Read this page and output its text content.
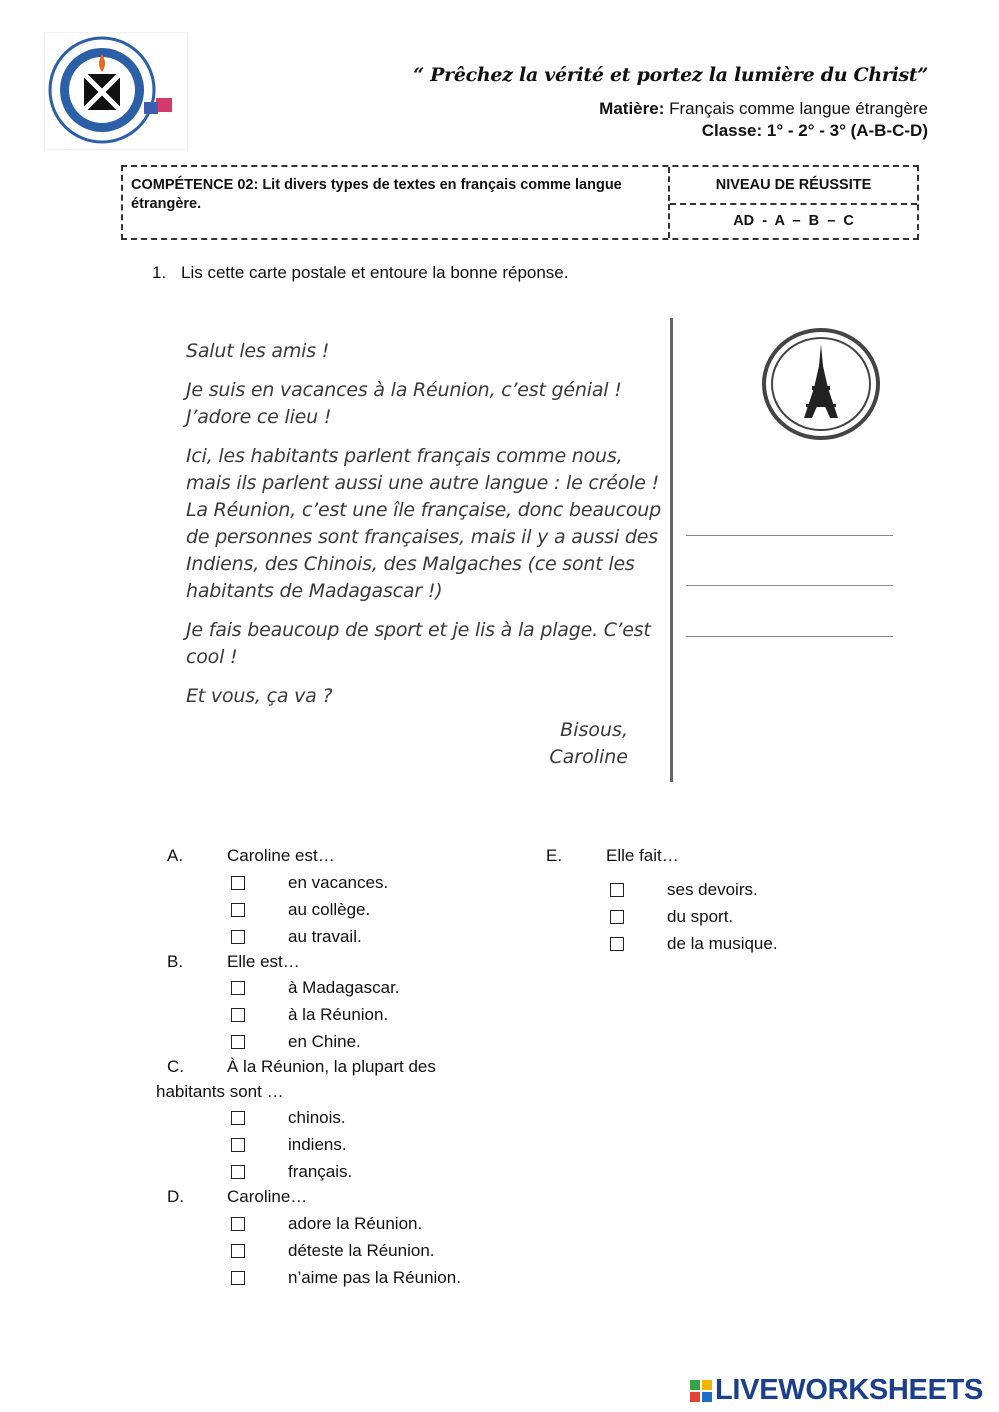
“ Prêchez la vérité et portez la lumière du Christ”
Matière: Français comme langue étrangère
Classe: 1° - 2° - 3° (A-B-C-D)
COMPÉTENCE 02: Lit divers types de textes en français comme langue étrangère.
NIVEAU DE RÉUSSITE
AD  -  A  –  B  –  C
1. Lis cette carte postale et entoure la bonne réponse.
Salut les amis !
Je suis en vacances à la Réunion, c’est génial !
J’adore ce lieu !
Ici, les habitants parlent français comme nous,
mais ils parlent aussi une autre langue : le créole !
La Réunion, c’est une île française, donc beaucoup
de personnes sont françaises, mais il y a aussi des
Indiens, des Chinois, des Malgaches (ce sont les
habitants de Madagascar !)
Je fais beaucoup de sport et je lis à la plage. C’est
cool !
Et vous, ça va ?
Bisous,
Caroline
A.	Caroline est…
en vacances.
au collège.
au travail.
B.	Elle est…
à Madagascar.
à la Réunion.
en Chine.
C.	À la Réunion, la plupart des
habitants sont …
chinois.
indiens.
français.
D.	Caroline…
adore la Réunion.
déteste la Réunion.
n’aime pas la Réunion.
E.	Elle fait…
ses devoirs.
du sport.
de la musique.
LIVEWORKSHEETS
